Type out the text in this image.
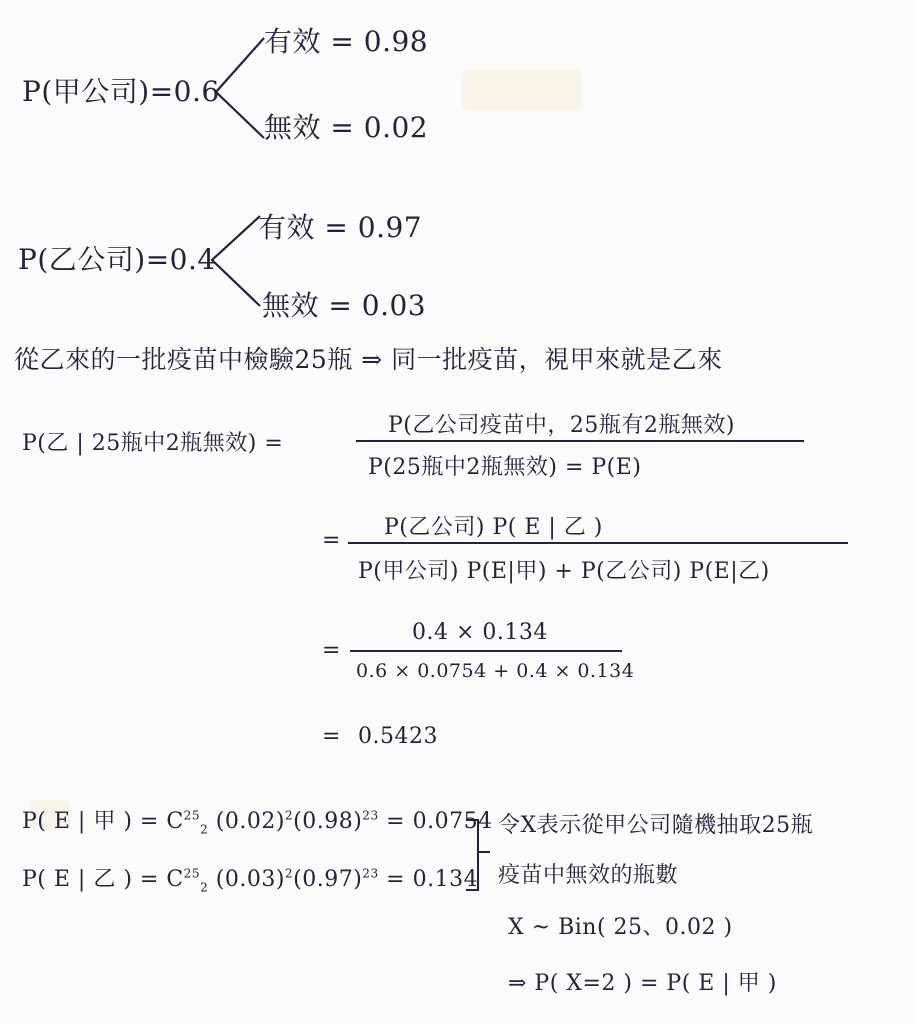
P(甲公司)=0.6
有效 = 0.98
無效 = 0.02
P(乙公司)=0.4
有效 = 0.97
無效 = 0.03
從乙來的一批疫苗中檢驗25瓶 ⇒ 同一批疫苗，視甲來就是乙來
P(乙 | 25瓶中2瓶無效) =
P(乙公司疫苗中，25瓶有2瓶無效)
P(25瓶中2瓶無效) = P(E)
=
P(乙公司) P( E | 乙 )
P(甲公司) P(E|甲) + P(乙公司) P(E|乙)
=
0.4 × 0.134
0.6 × 0.0754 + 0.4 × 0.134
= 0.5423
P( E | 甲 ) = $C^{25}_2$ $(0.02)^2(0.98)^{23} = 0.0754$
P( E | 乙 ) = $C^{25}_2$ $(0.03)^2(0.97)^{23} = 0.134$
令X表示從甲公司隨機抽取25瓶
疫苗中無效的瓶數
X ~ Bin( 25、0.02 )
⇒ P( X=2 ) = P( E | 甲 )
